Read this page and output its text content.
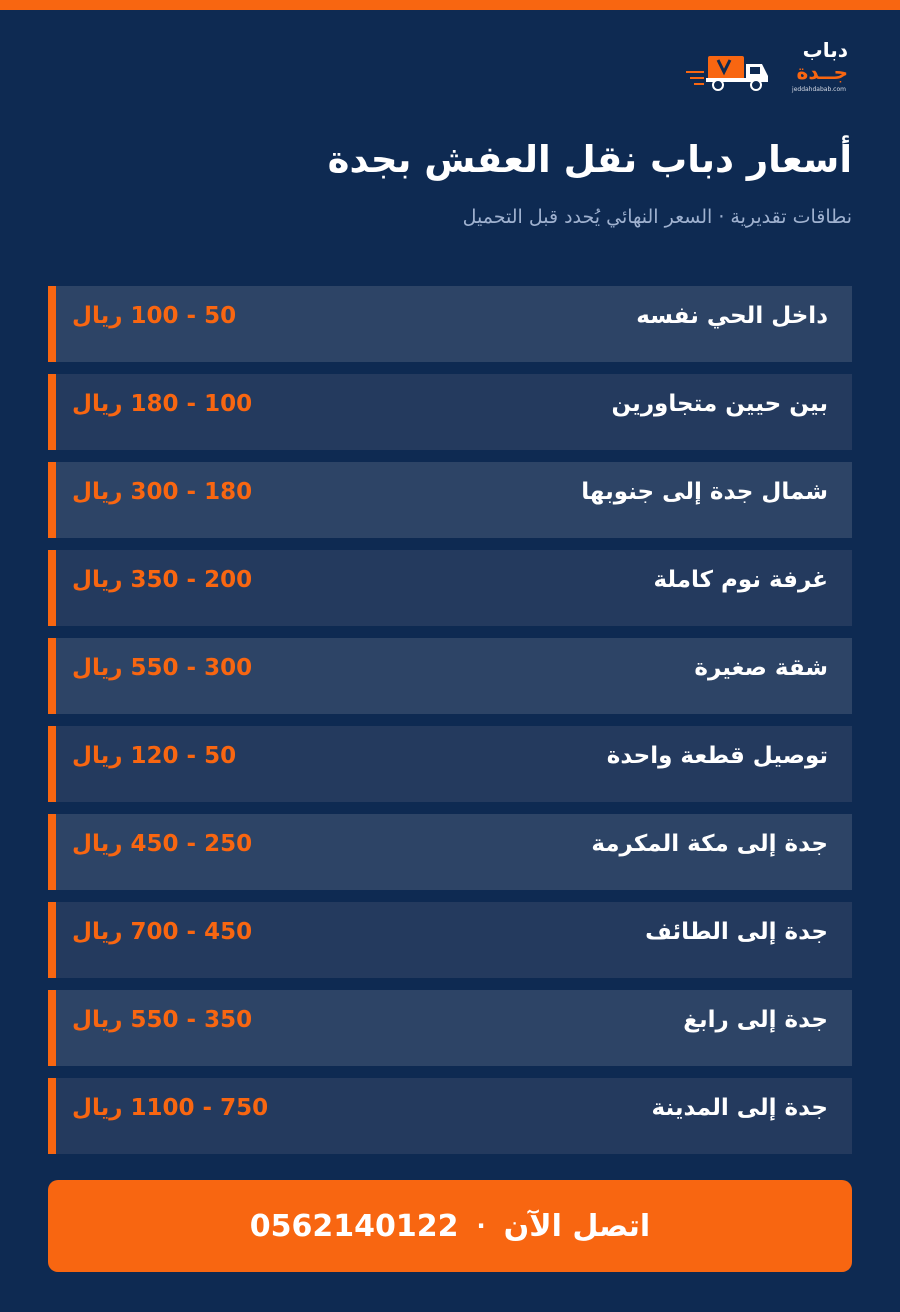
دباب
جــدة
jeddahdabab.com
أسعار دباب نقل العفش بجدة
نطاقات تقديرية · السعر النهائي يُحدد قبل التحميل
داخل الحي نفسه
50 - 100 ريال
بين حيين متجاورين
100 - 180 ريال
شمال جدة إلى جنوبها
180 - 300 ريال
غرفة نوم كاملة
200 - 350 ريال
شقة صغيرة
300 - 550 ريال
توصيل قطعة واحدة
50 - 120 ريال
جدة إلى مكة المكرمة
250 - 450 ريال
جدة إلى الطائف
450 - 700 ريال
جدة إلى رابغ
350 - 550 ريال
جدة إلى المدينة
750 - 1100 ريال
اتصل الآن
·
0562140122
